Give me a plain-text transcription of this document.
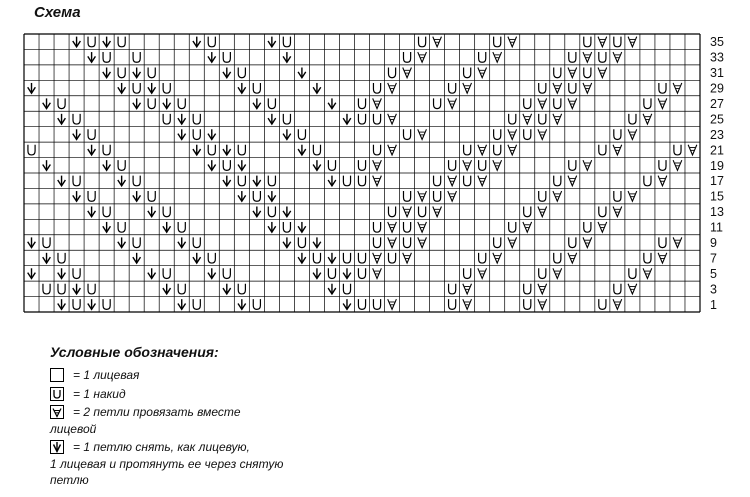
Схема
35
33
31
29
27
25
23
21
19
17
15
13
11
9
7
5
3
1
Условные обозначения:
= 1 лицевая
= 1 накид
= 2 петли провязать вместе
лицевой
= 1 петлю снять, как лицевую,
1 лицевая и протянуть ее через снятую
петлю
